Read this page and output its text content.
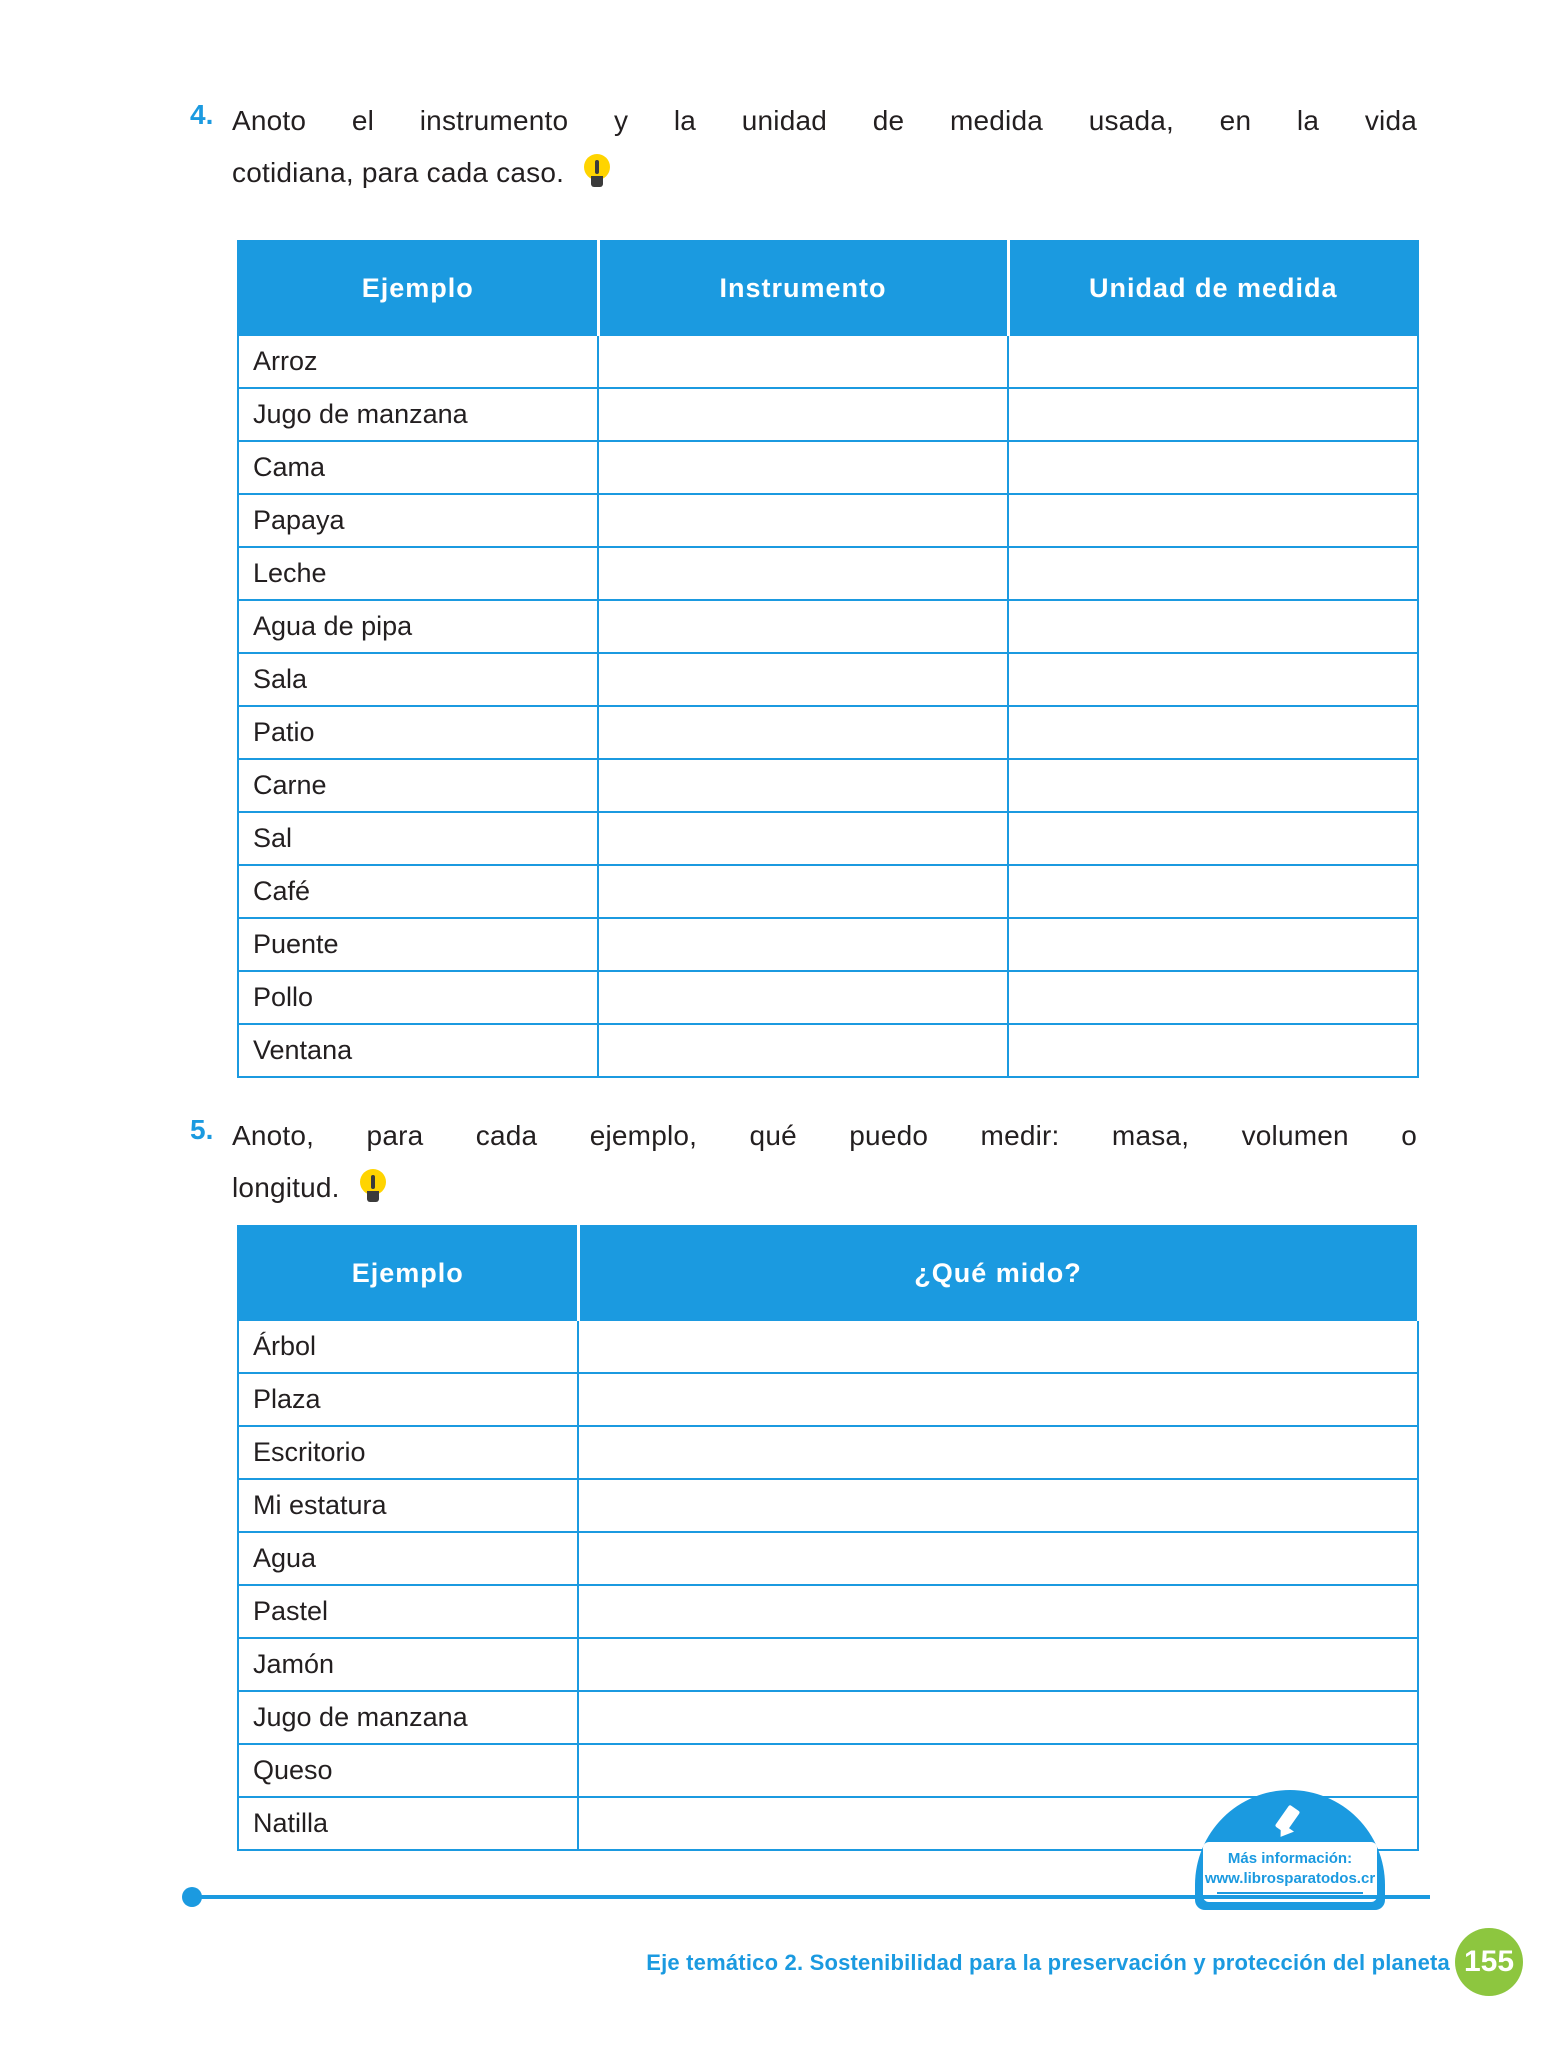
4. Anoto el instrumento y la unidad de medida usada, en la vida
cotidiana, para cada caso.
Ejemplo	Instrumento	Unidad de medida
Arroz		
Jugo de manzana		
Cama		
Papaya		
Leche		
Agua de pipa		
Sala		
Patio		
Carne		
Sal		
Café		
Puente		
Pollo		
Ventana		
5. Anoto, para cada ejemplo, qué puedo medir: masa, volumen o
longitud.
Ejemplo	¿Qué mido?
Árbol	
Plaza	
Escritorio	
Mi estatura	
Agua	
Pastel	
Jamón	
Jugo de manzana	
Queso	
Natilla	
Más información:
www.librosparatodos.cr
Eje temático 2. Sostenibilidad para la preservación y protección del planeta 155
